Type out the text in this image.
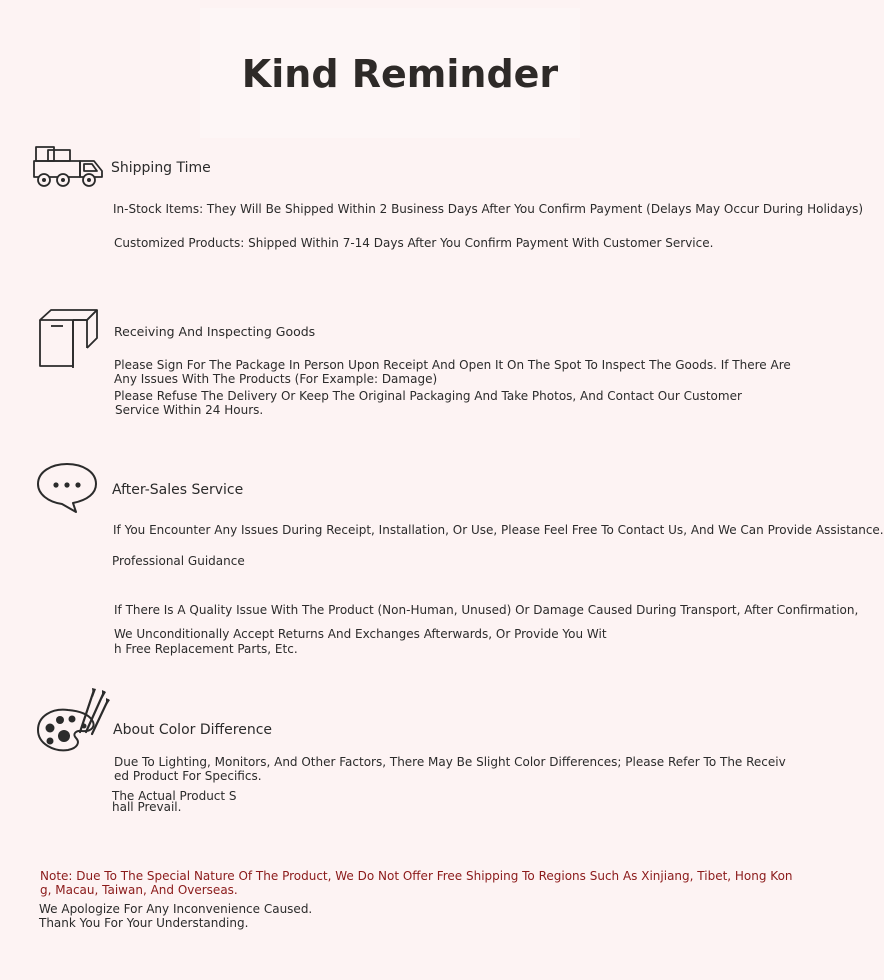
Kind Reminder
Shipping Time
In-Stock Items: They Will Be Shipped Within 2 Business Days After You Confirm Payment (Delays May Occur During Holidays)
Customized Products: Shipped Within 7-14 Days After You Confirm Payment With Customer Service.
Receiving And Inspecting Goods
Please Sign For The Package In Person Upon Receipt And Open It On The Spot To Inspect The Goods. If There Are
Any Issues With The Products (For Example: Damage)
Please Refuse The Delivery Or Keep The Original Packaging And Take Photos, And Contact Our Customer
Service Within 24 Hours.
After-Sales Service
If You Encounter Any Issues During Receipt, Installation, Or Use, Please Feel Free To Contact Us, And We Can Provide Assistance.
Professional Guidance
If There Is A Quality Issue With The Product (Non-Human, Unused) Or Damage Caused During Transport, After Confirmation,
We Unconditionally Accept Returns And Exchanges Afterwards, Or Provide You Wit
h Free Replacement Parts, Etc.
About Color Difference
Due To Lighting, Monitors, And Other Factors, There May Be Slight Color Differences; Please Refer To The Receiv
ed Product For Specifics.
The Actual Product S
hall Prevail.
Note: Due To The Special Nature Of The Product, We Do Not Offer Free Shipping To Regions Such As Xinjiang, Tibet, Hong Kon
g, Macau, Taiwan, And Overseas.
We Apologize For Any Inconvenience Caused.
Thank You For Your Understanding.
